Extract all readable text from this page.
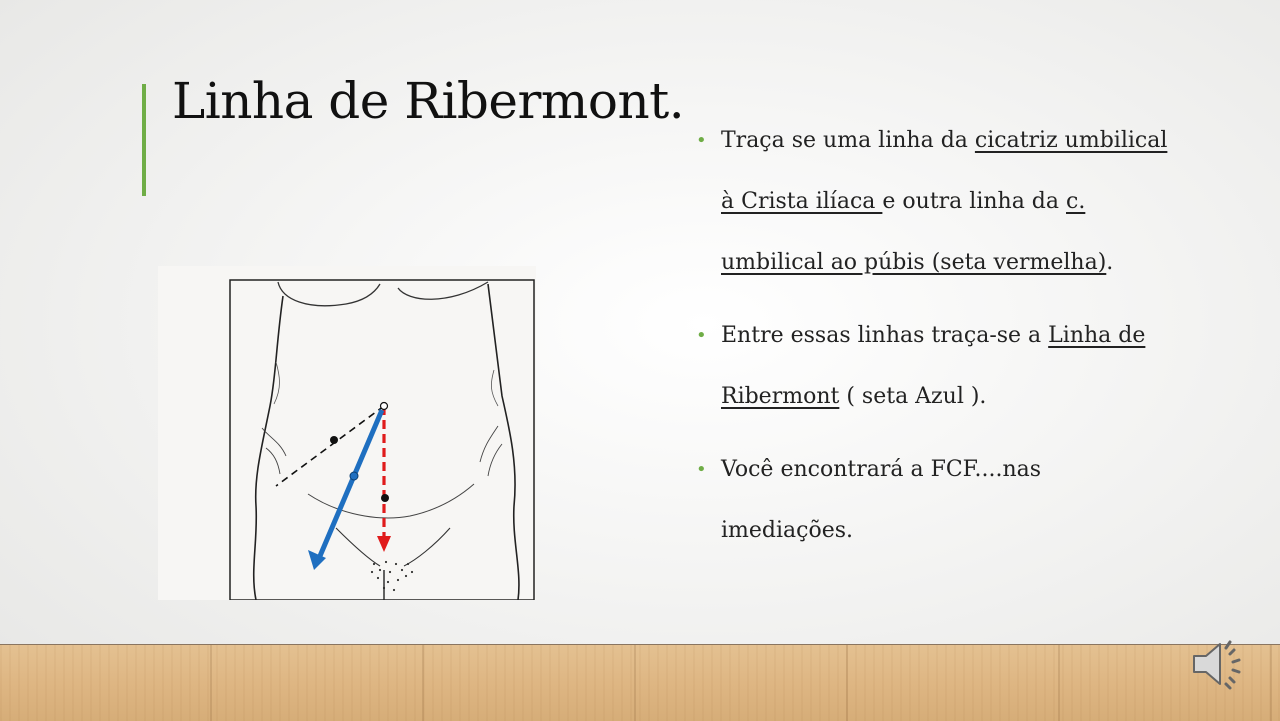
Linha de Ribermont.
• Traça se uma linha da cicatriz umbilical à Crista ilíaca e outra linha da c. umbilical ao púbis (seta vermelha).
• Entre essas linhas traça-se a Linha de Ribermont ( seta Azul ).
• Você encontrará a FCF....nas imediações.
